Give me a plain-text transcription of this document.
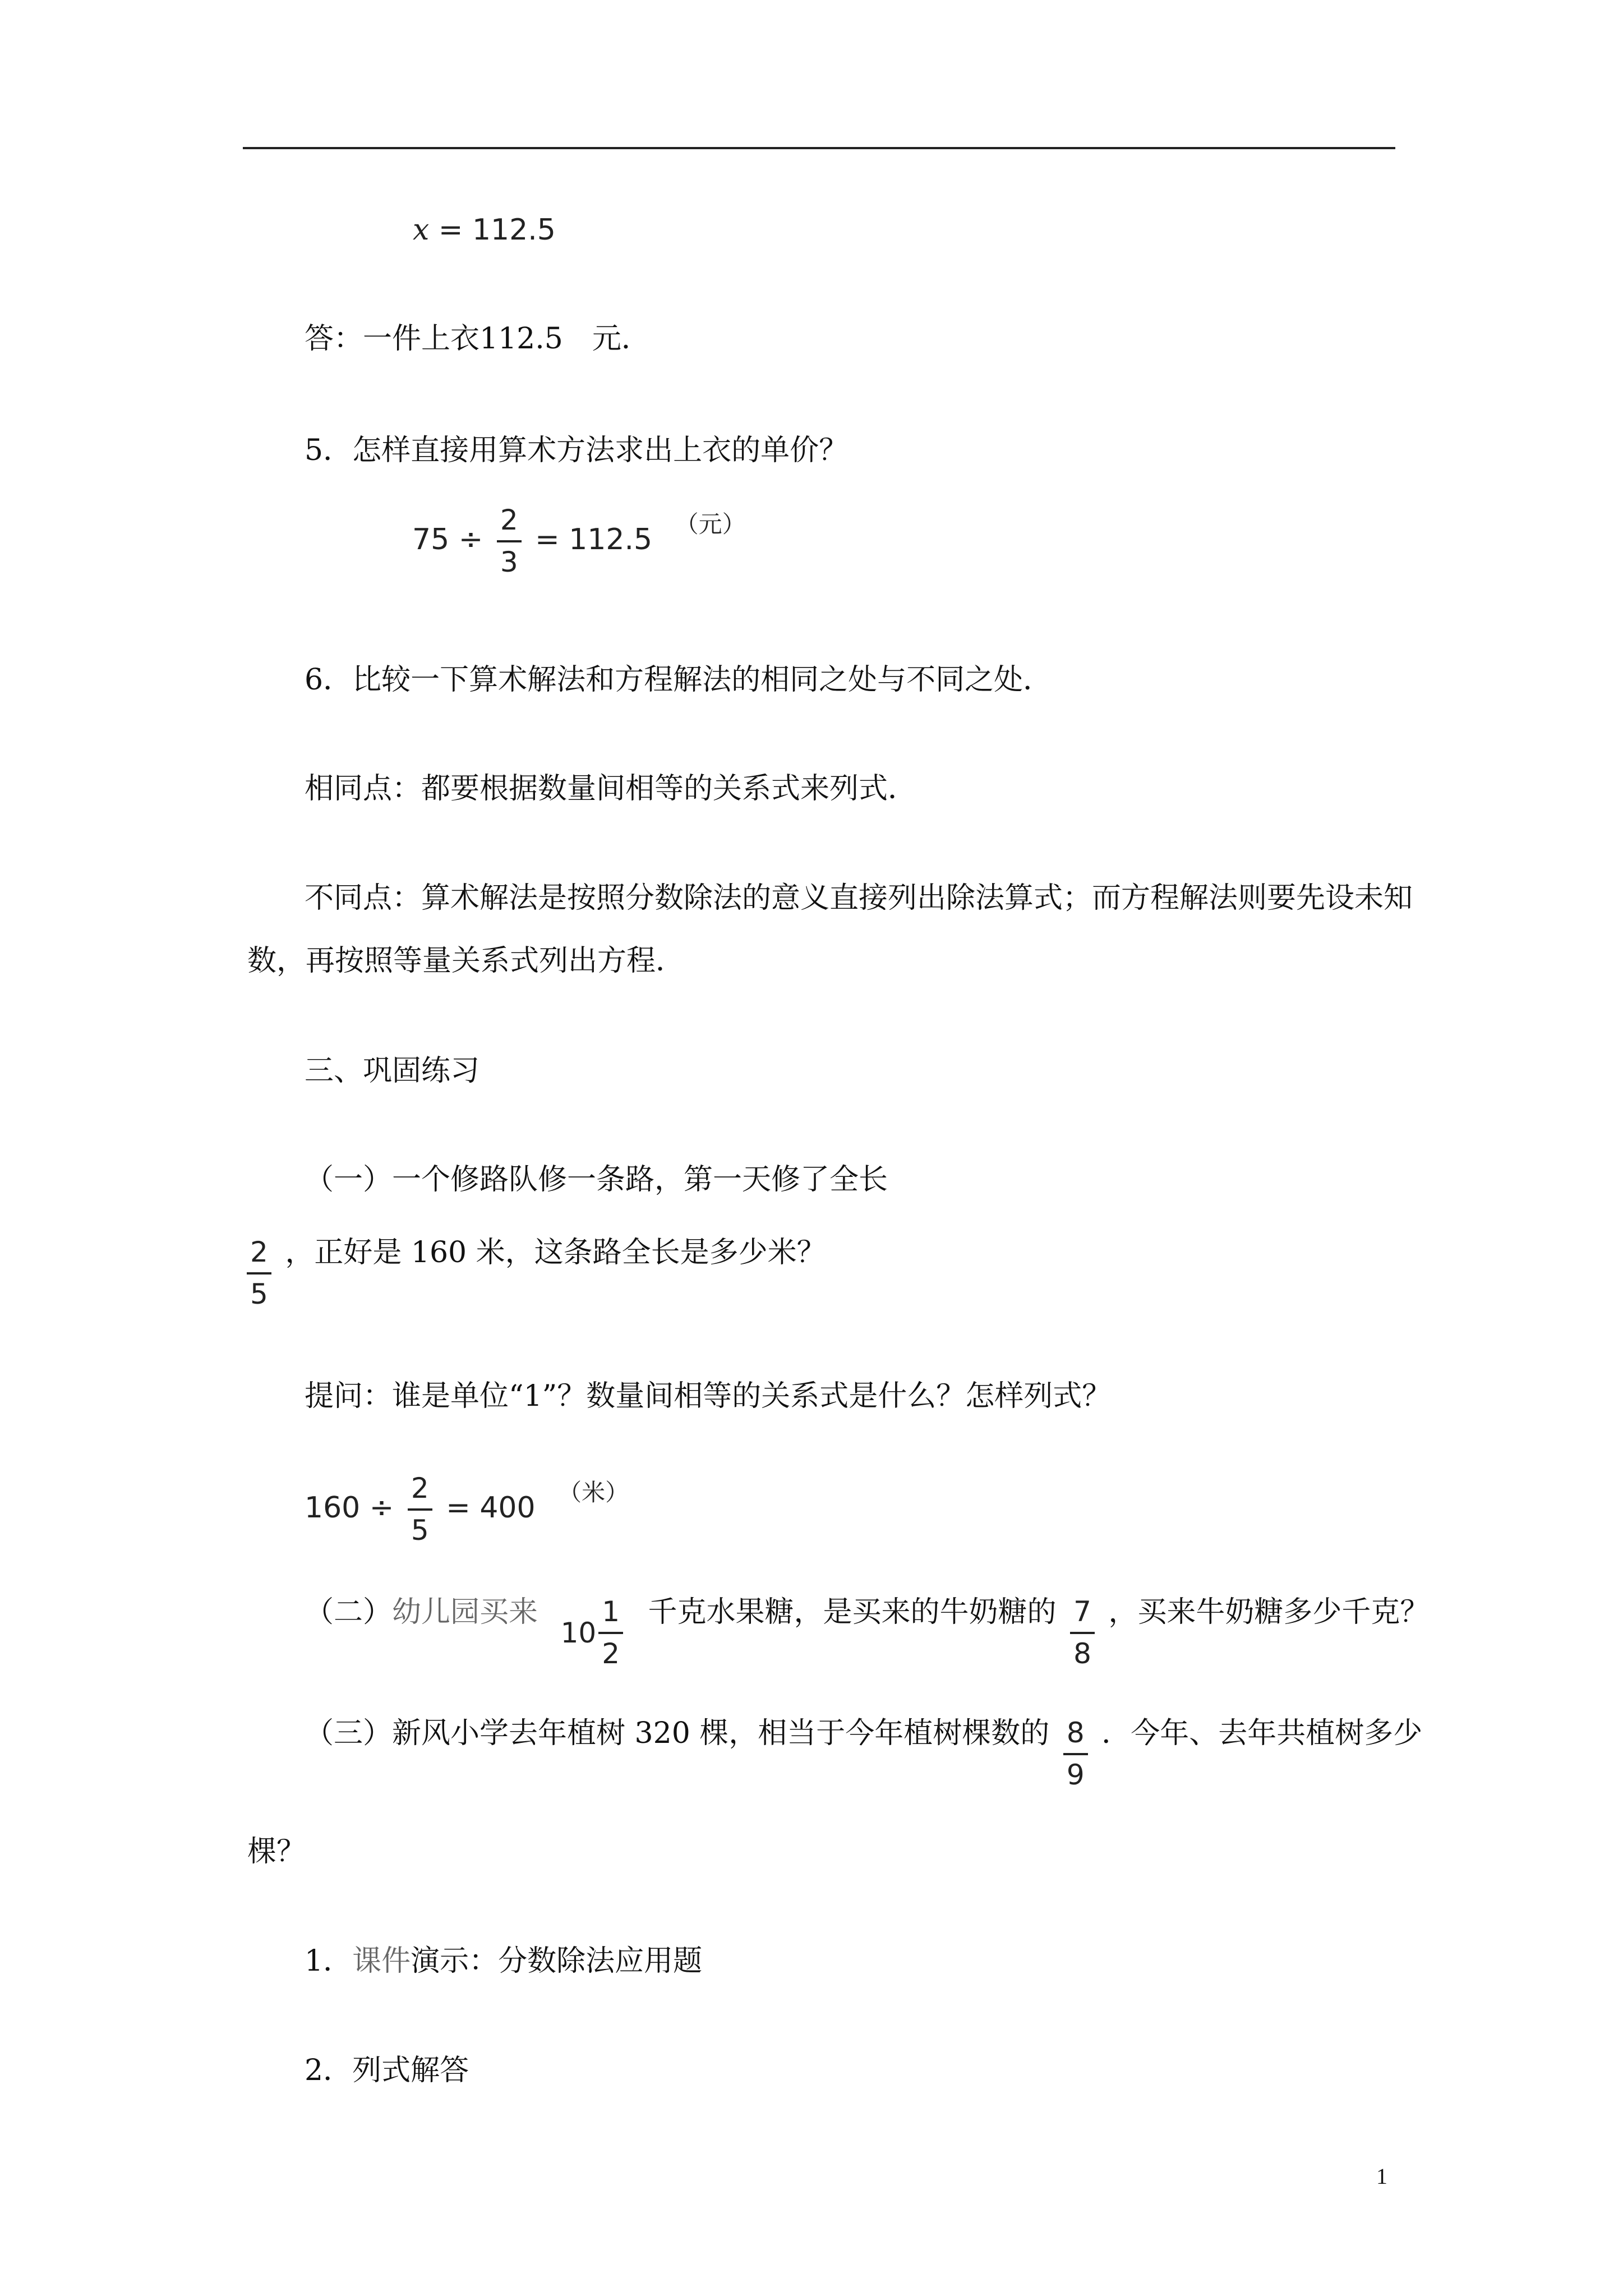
x = 112.5
答：一件上衣112.5　元．
5．怎样直接用算术方法求出上衣的单价？
$75 \div \frac{2}{3} = 112.5$ $^{(元)}$
6．比较一下算术解法和方程解法的相同之处与不同之处．
相同点：都要根据数量间相等的关系式来列式．
不同点：算术解法是按照分数除法的意义直接列出除法算式；而方程解法则要先设未知
数，再按照等量关系式列出方程．
三、巩固练习
（一）一个修路队修一条路，第一天修了全长
$\frac{2}{5}$ ，正好是 160 米，这条路全长是多少米？
提问：谁是单位“1”？数量间相等的关系式是什么？怎样列式？
$160 \div \frac{2}{5} = 400$ $^{(米)}$
（二）幼儿园买来
$10 \frac{1}{2}$ 千克水果糖，是买来的牛奶糖的 $\frac{7}{8}$ ，买来牛奶糖多少千克？
（三）新风小学去年植树 320 棵，相当于今年植树棵数的 $\frac{8}{9}$ ．今年、去年共植树多少
棵？
1．课件演示：分数除法应用题
2．列式解答
1
